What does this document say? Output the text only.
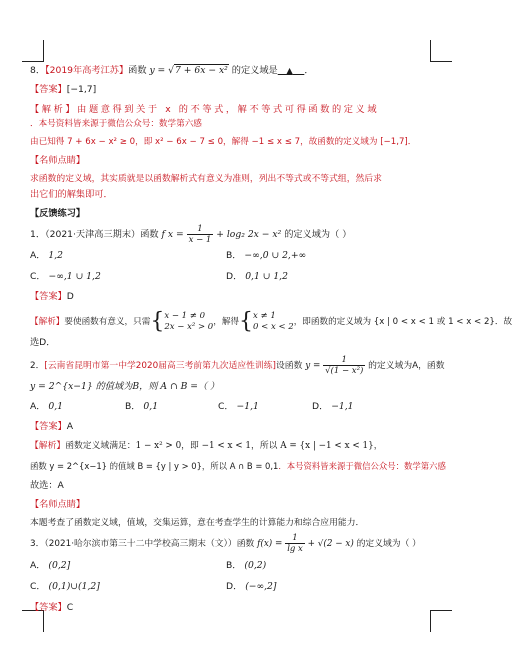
8．【2019年高考江苏】函数 y = √7 + 6x − x² 的定义域是 ▲ ．
【答案】[−1,7]
【解析】由题意得到关于 x 的不等式，解不等式可得函数的定义域
．本号资料皆来源于微信公众号：数学第六感
由已知得 7 + 6x − x² ≥ 0，即 x² − 6x − 7 ≤ 0，解得 −1 ≤ x ≤ 7，故函数的定义域为 [−1,7]．
【名师点睛】
求函数的定义域，其实质就是以函数解析式有意义为准则，列出不等式或不等式组，然后求
出它们的解集即可．
【反馈练习】
1．（2021·天津高三期末）函数 f $x = \frac{1}{x - 1} + \log_2$ 2x − x² 的定义域为（ ）
A． 1,2	B． −∞,0 ∪ 2,+∞
C． −∞,1 ∪ 1,2	D． 0,1 ∪ 1,2
【答案】D
【解析】要使函数有意义，只需{ x − 1 ≠ 0
2x − x² > 0 ，解得{ x ≠ 1
0 < x < 2 ，即函数的定义域为 {x | 0 < x < 1 或 1 < x < 2}．故
选D．
2．[云南省昆明市第一中学2020届高三考前第九次适应性训练]设函数 $y = \frac{1}{\text{√(1 − x²)}}$ 的定义域为A，函数
y = 2^{x−1} 的值域为B，则 A ∩ B =（ ）
A． 0,1	B． 0,1	C． −1,1	D． −1,1
【答案】A
【解析】函数定义域满足：1 − x² > 0，即 −1 < x < 1，所以 A = {x | −1 < x < 1}，
函数 y = 2^{x−1} 的值域 B = {y | y > 0}，所以 A ∩ B = 0,1．本号资料皆来源于微信公众号：数学第六感
故选：A
【名师点睛】
本题考查了函数定义域，值域，交集运算，意在考查学生的计算能力和综合应用能力．
3．（2021·哈尔滨市第三十二中学校高三期末（文））函数 $f(x) = \frac{1}{\text{lg x}} + √(2 - x)$ 的定义域为（ ）
A． (0,2]	B． (0,2)
C． (0,1)∪(1,2]	D． (−∞,2]
【答案】C
